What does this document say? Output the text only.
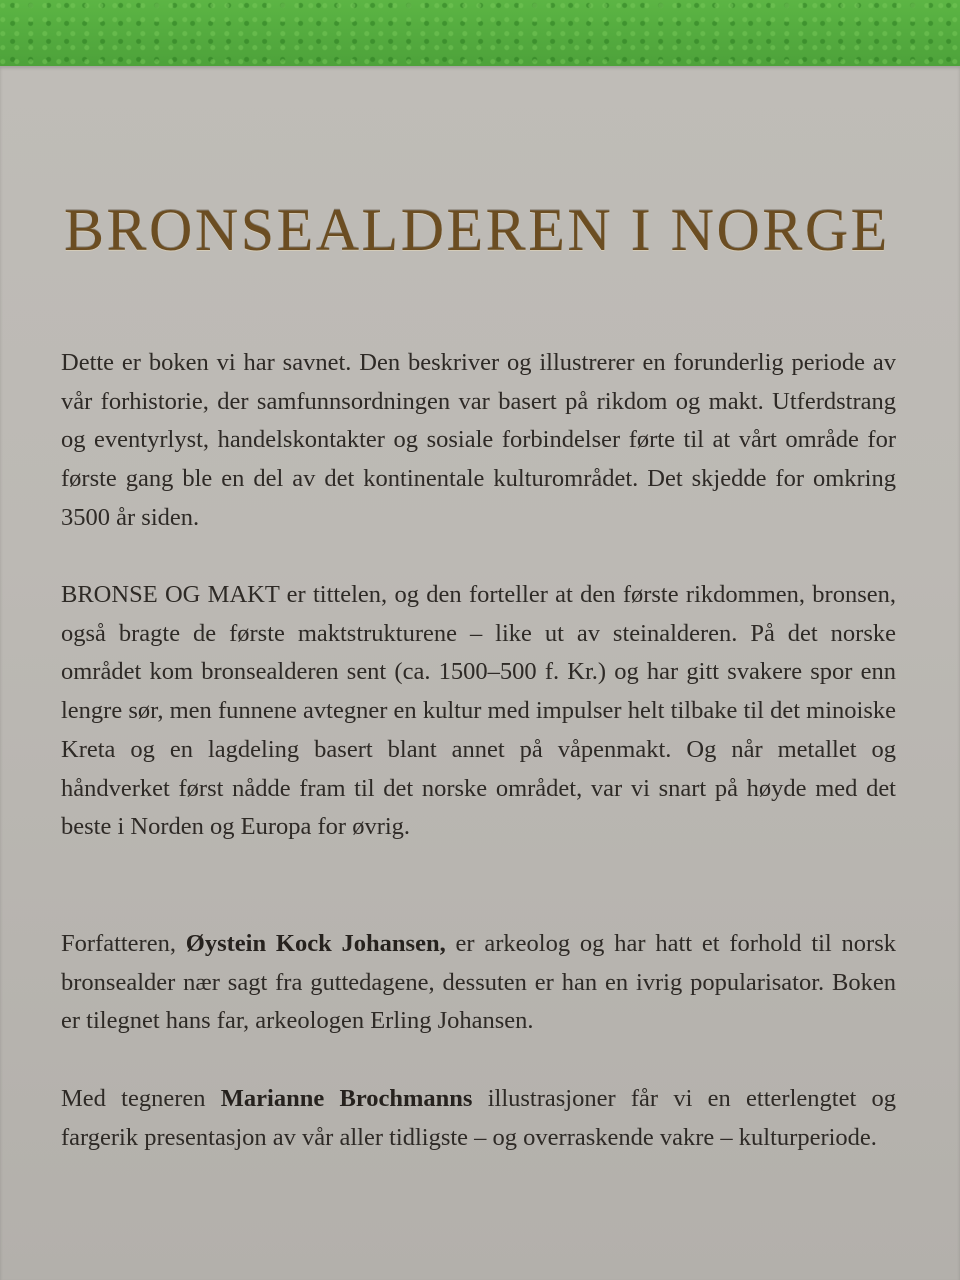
BRONSEALDEREN I NORGE

Dette er boken vi har savnet. Den beskriver og illustrerer en forunderlig periode av vår forhistorie, der samfunnsordningen var basert på rikdom og makt. Utferdstrang og eventyrlyst, handelskontakter og sosiale forbindelser førte til at vårt område for første gang ble en del av det kontinentale kulturområdet. Det skjedde for omkring 3500 år siden.

BRONSE OG MAKT er tittelen, og den forteller at den første rikdommen, bronsen, også bragte de første maktstrukturene – like ut av steinalderen. På det norske området kom bronsealderen sent (ca. 1500–500 f. Kr.) og har gitt svakere spor enn lengre sør, men funnene avtegner en kultur med impulser helt tilbake til det minoiske Kreta og en lagdeling basert blant annet på våpenmakt. Og når metallet og håndverket først nådde fram til det norske området, var vi snart på høyde med det beste i Norden og Europa for øvrig.

Forfatteren, Øystein Kock Johansen, er arkeolog og har hatt et forhold til norsk bronsealder nær sagt fra guttedagene, dessuten er han en ivrig popularisator. Boken er tilegnet hans far, arkeologen Erling Johansen.

Med tegneren Marianne Brochmanns illustrasjoner får vi en etterlengtet og fargerik presentasjon av vår aller tidligste – og overraskende vakre – kulturperiode.
